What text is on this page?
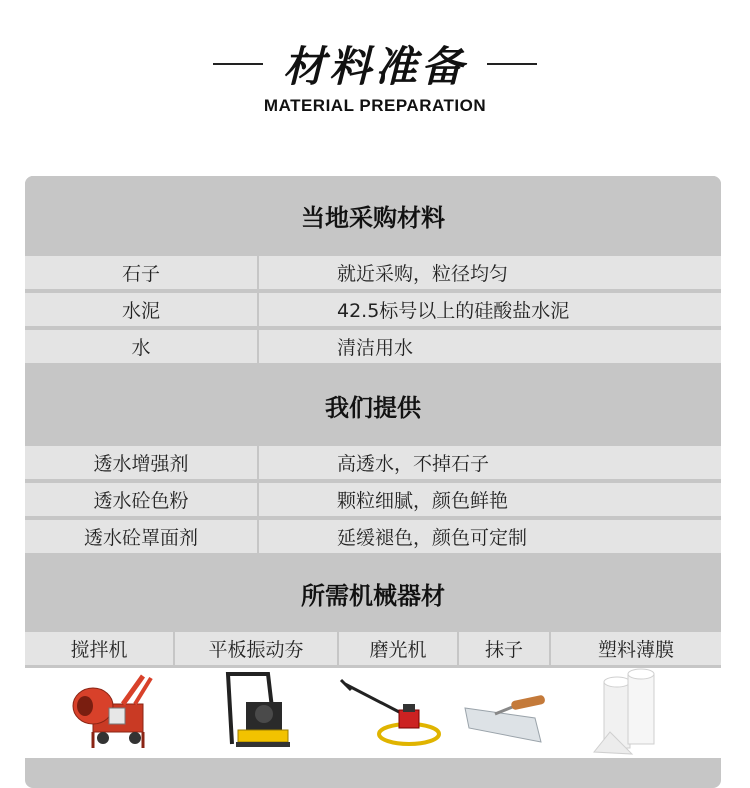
材料准备
MATERIAL PREPARATION
当地采购材料
石子	就近采购，粒径均匀
水泥	42.5标号以上的硅酸盐水泥
水	清洁用水
我们提供
透水增强剂	高透水，不掉石子
透水砼色粉	颗粒细腻，颜色鲜艳
透水砼罩面剂	延缓褪色，颜色可定制
所需机械器材
搅拌机	平板振动夯	磨光机	抹子	塑料薄膜
